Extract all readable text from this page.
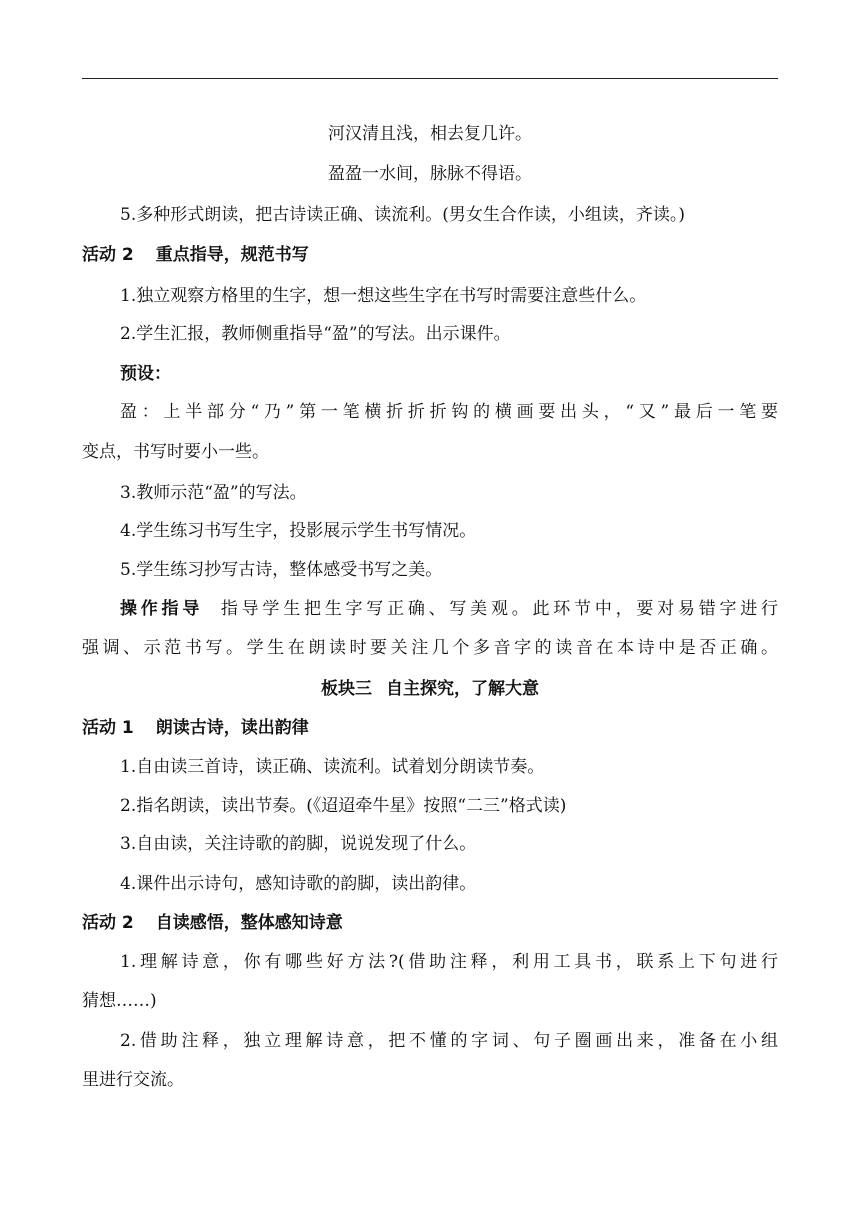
河汉清且浅，相去复几许。
盈盈一水间，脉脉不得语。
5.多种形式朗读，把古诗读正确、读流利。(男女生合作读，小组读，齐读。)
活动 2 重点指导，规范书写
1.独立观察方格里的生字，想一想这些生字在书写时需要注意些什么。
2.学生汇报，教师侧重指导“盈”的写法。出示课件。
预设：
盈：上半部分“乃”第一笔横折折折钩的横画要出头，“又”最后一笔要
变点，书写时要小一些。
3.教师示范“盈”的写法。
4.学生练习书写生字，投影展示学生书写情况。
5.学生练习抄写古诗，整体感受书写之美。
操作指导 指导学生把生字写正确、写美观。此环节中，要对易错字进行
强调、示范书写。学生在朗读时要关注几个多音字的读音在本诗中是否正确。
板块三 自主探究，了解大意
活动 1 朗读古诗，读出韵律
1.自由读三首诗，读正确、读流利。试着划分朗读节奏。
2.指名朗读，读出节奏。(《迢迢牵牛星》按照“二三”格式读)
3.自由读，关注诗歌的韵脚，说说发现了什么。
4.课件出示诗句，感知诗歌的韵脚，读出韵律。
活动 2 自读感悟，整体感知诗意
1.理解诗意，你有哪些好方法?(借助注释，利用工具书，联系上下句进行
猜想……)
2.借助注释，独立理解诗意，把不懂的字词、句子圈画出来，准备在小组
里进行交流。
